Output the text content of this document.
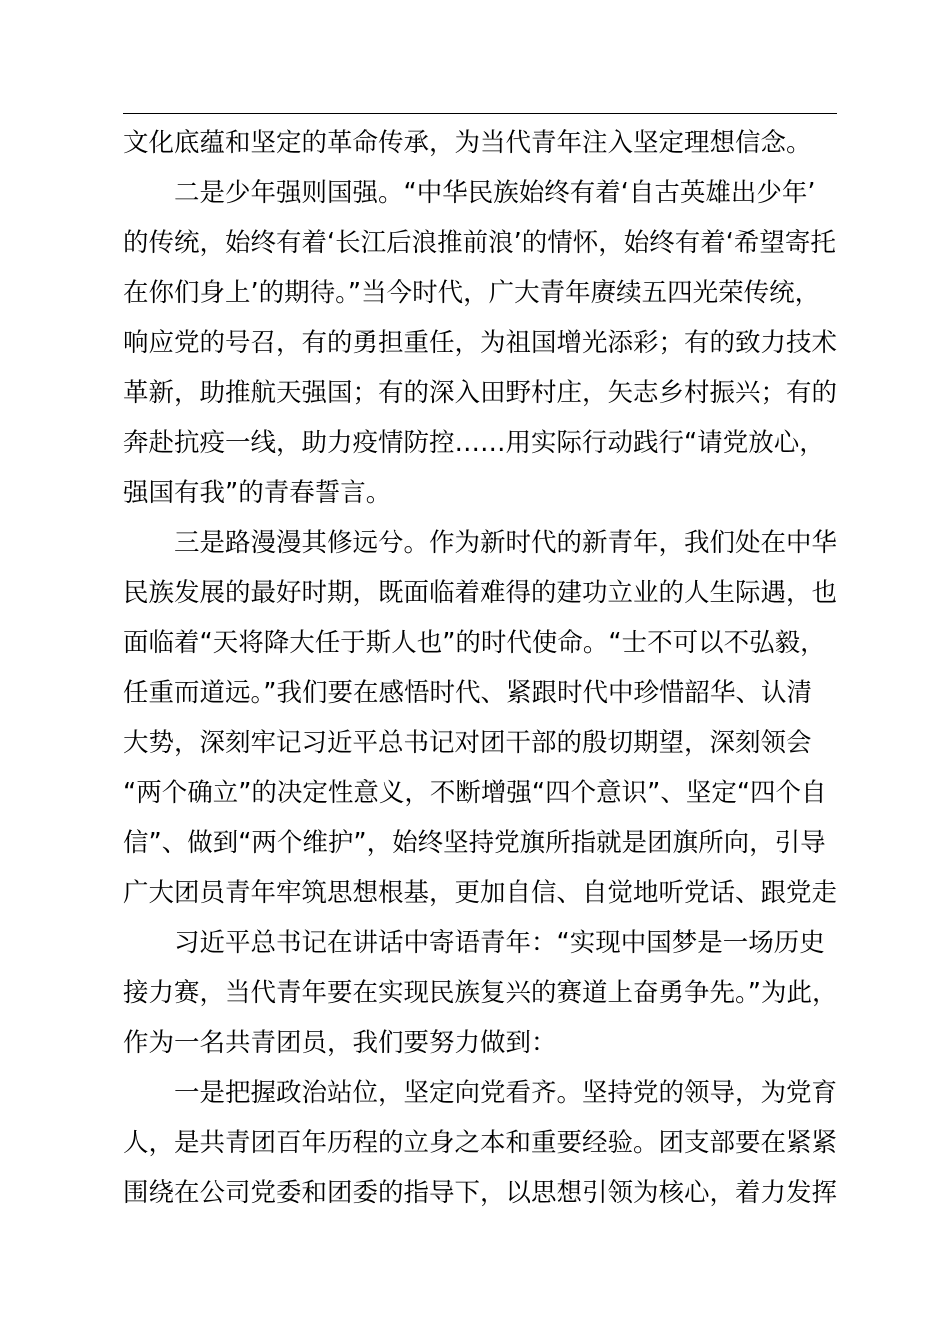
文化底蕴和坚定的革命传承，为当代青年注入坚定理想信念。
二是少年强则国强。“中华民族始终有着‘自古英雄出少年’
的传统，始终有着‘长江后浪推前浪’的情怀，始终有着‘希望寄托
在你们身上’的期待。”当今时代，广大青年赓续五四光荣传统，
响应党的号召，有的勇担重任，为祖国增光添彩；有的致力技术
革新，助推航天强国；有的深入田野村庄，矢志乡村振兴；有的
奔赴抗疫一线，助力疫情防控……用实际行动践行“请党放心，
强国有我”的青春誓言。
三是路漫漫其修远兮。作为新时代的新青年，我们处在中华
民族发展的最好时期，既面临着难得的建功立业的人生际遇，也
面临着“天将降大任于斯人也”的时代使命。“士不可以不弘毅，
任重而道远。”我们要在感悟时代、紧跟时代中珍惜韶华、认清
大势，深刻牢记习近平总书记对团干部的殷切期望，深刻领会
“两个确立”的决定性意义，不断增强“四个意识”、坚定“四个自
信”、做到“两个维护”，始终坚持党旗所指就是团旗所向，引导
广大团员青年牢筑思想根基，更加自信、自觉地听党话、跟党走
习近平总书记在讲话中寄语青年：“实现中国梦是一场历史
接力赛，当代青年要在实现民族复兴的赛道上奋勇争先。”为此，
作为一名共青团员，我们要努力做到：
一是把握政治站位，坚定向党看齐。坚持党的领导，为党育
人，是共青团百年历程的立身之本和重要经验。团支部要在紧紧
围绕在公司党委和团委的指导下，以思想引领为核心，着力发挥
